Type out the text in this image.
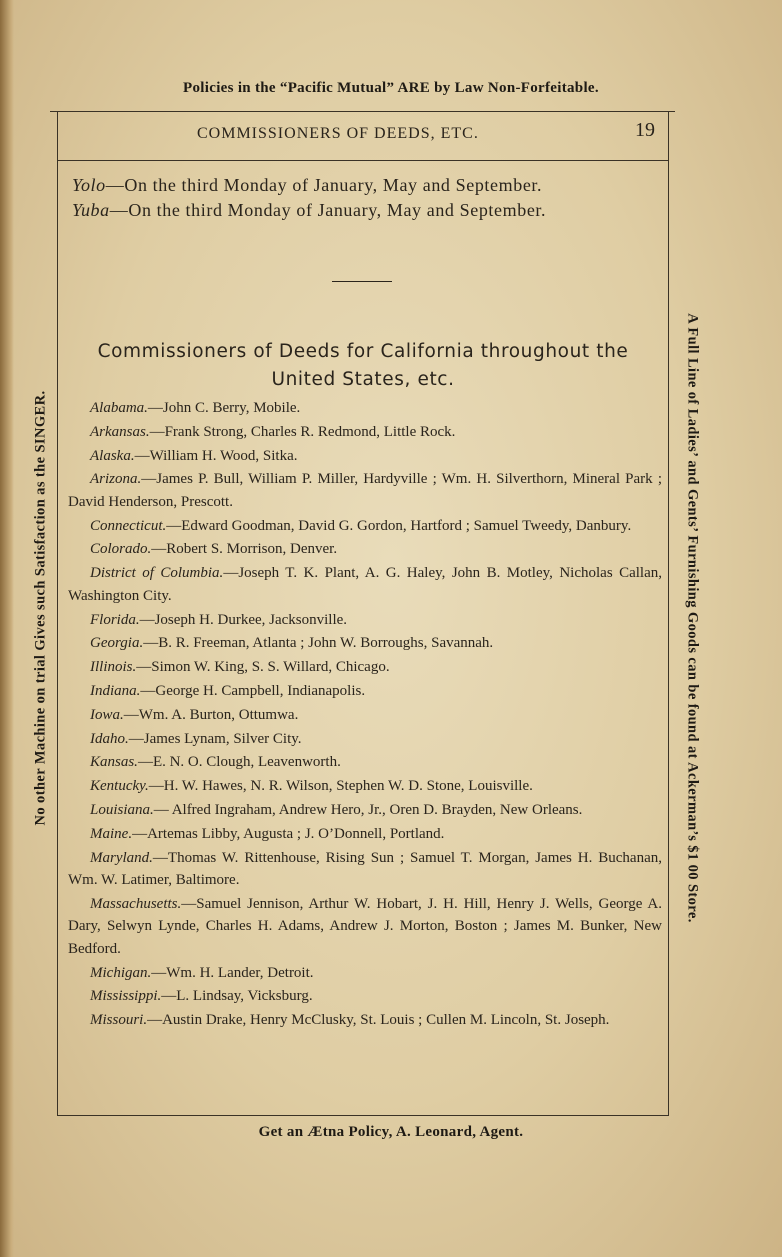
Policies in the “Pacific Mutual” ARE by Law Non-Forfeitable.
No other Machine on trial Gives such Satisfaction as the SINGER.	A Full Line of Ladies’ and Gents’ Furnishing Goods can be found at Ackerman’s $1 00 Store.
COMMISSIONERS OF DEEDS, ETC.	19
Yolo—On the third Monday of January, May and September.
Yuba—On the third Monday of January, May and September.
Commissioners of Deeds for California throughout the
United States, etc.
Alabama.—John C. Berry, Mobile.
Arkansas.—Frank Strong, Charles R. Redmond, Little Rock.
Alaska.—William H. Wood, Sitka.
Arizona.—James P. Bull, William P. Miller, Hardyville ; Wm. H. Silverthorn, Mineral Park ; David Henderson, Prescott.
Connecticut.—Edward Goodman, David G. Gordon, Hartford ; Samuel Tweedy, Danbury.
Colorado.—Robert S. Morrison, Denver.
District of Columbia.—Joseph T. K. Plant, A. G. Haley, John B. Motley, Nicholas Callan, Washington City.
Florida.—Joseph H. Durkee, Jacksonville.
Georgia.—B. R. Freeman, Atlanta ; John W. Borroughs, Savannah.
Illinois.—Simon W. King, S. S. Willard, Chicago.
Indiana.—George H. Campbell, Indianapolis.
Iowa.—Wm. A. Burton, Ottumwa.
Idaho.—James Lynam, Silver City.
Kansas.—E. N. O. Clough, Leavenworth.
Kentucky.—H. W. Hawes, N. R. Wilson, Stephen W. D. Stone, Louisville.
Louisiana.— Alfred Ingraham, Andrew Hero, Jr., Oren D. Brayden, New Orleans.
Maine.—Artemas Libby, Augusta ; J. O’Donnell, Portland.
Maryland.—Thomas W. Rittenhouse, Rising Sun ; Samuel T. Morgan, James H. Buchanan, Wm. W. Latimer, Baltimore.
Massachusetts.—Samuel Jennison, Arthur W. Hobart, J. H. Hill, Henry J. Wells, George A. Dary, Selwyn Lynde, Charles H. Adams, Andrew J. Morton, Boston ; James M. Bunker, New Bedford.
Michigan.—Wm. H. Lander, Detroit.
Mississippi.—L. Lindsay, Vicksburg.
Missouri.—Austin Drake, Henry McClusky, St. Louis ; Cullen M. Lincoln, St. Joseph.
Get an Ætna Policy, A. Leonard, Agent.
